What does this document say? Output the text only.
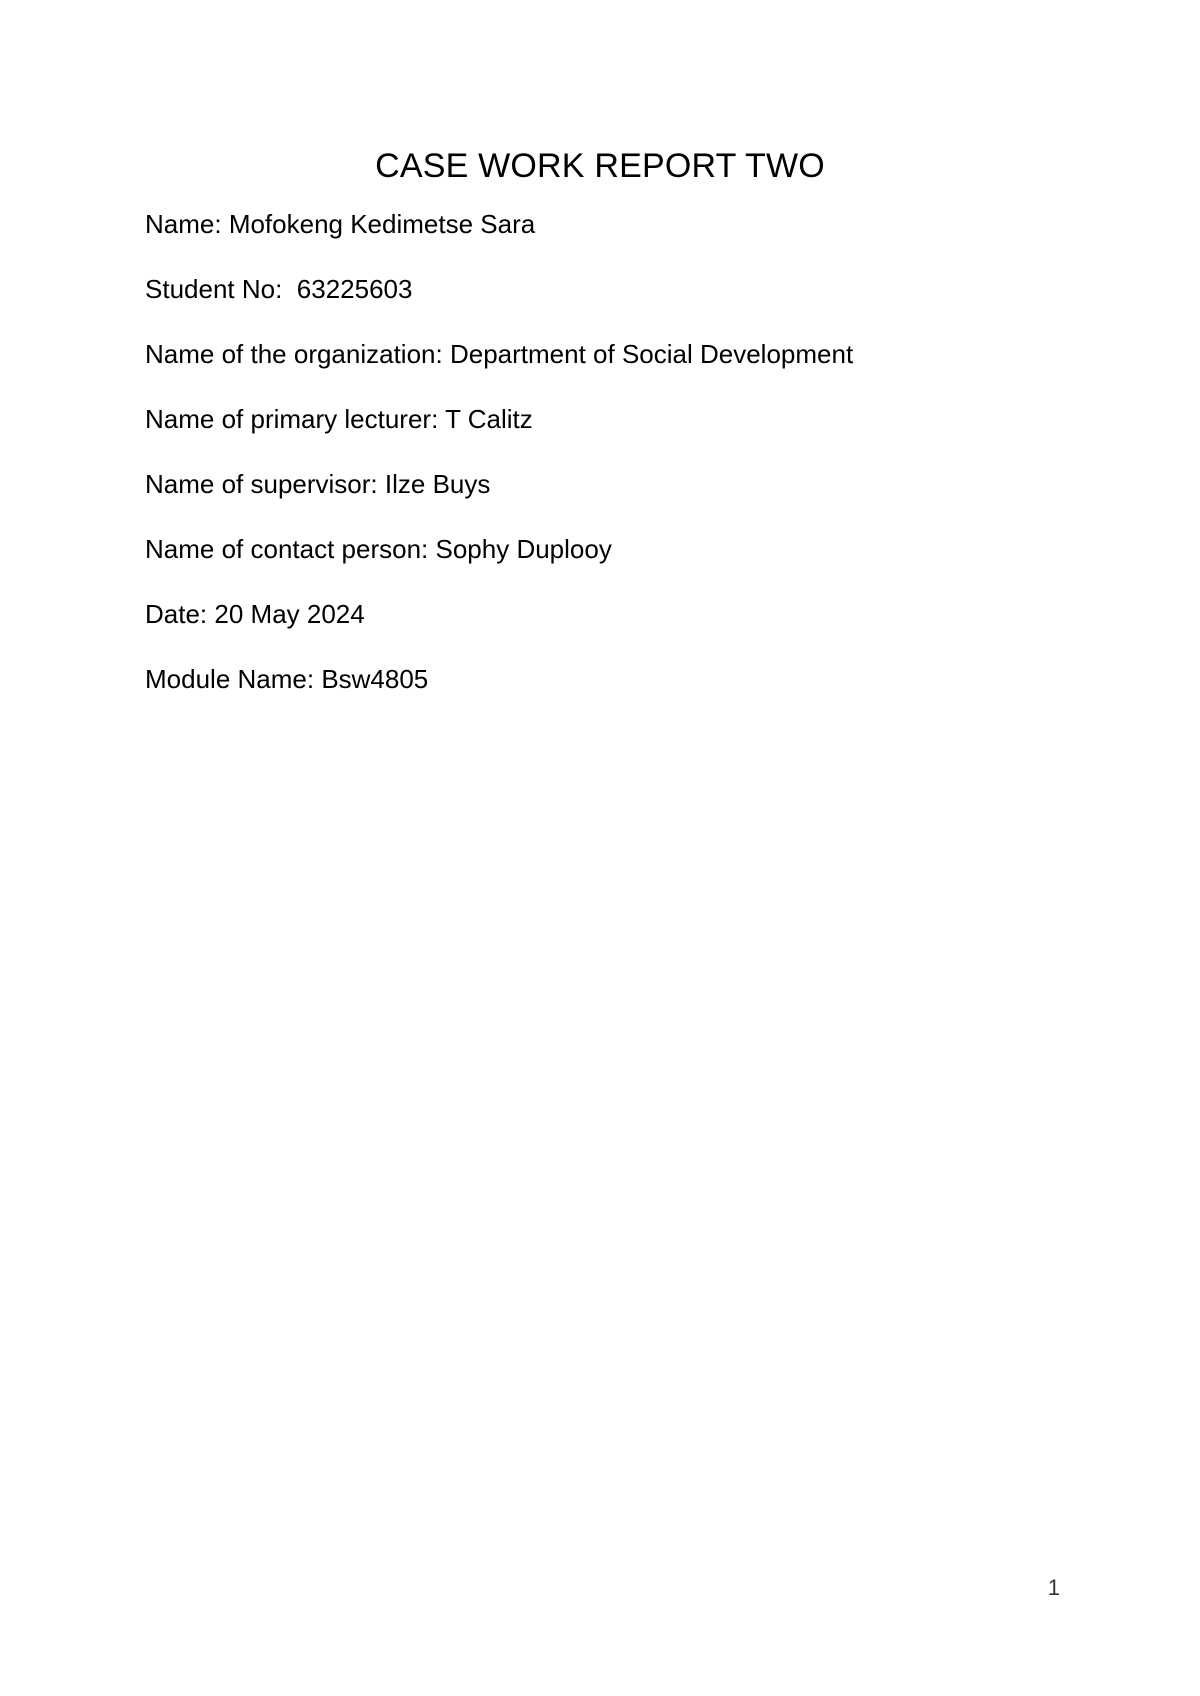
CASE WORK REPORT TWO
Name: Mofokeng Kedimetse Sara
Student No:  63225603
Name of the organization: Department of Social Development
Name of primary lecturer: T Calitz
Name of supervisor: Ilze Buys
Name of contact person: Sophy Duplooy
Date: 20 May 2024
Module Name: Bsw4805
1
